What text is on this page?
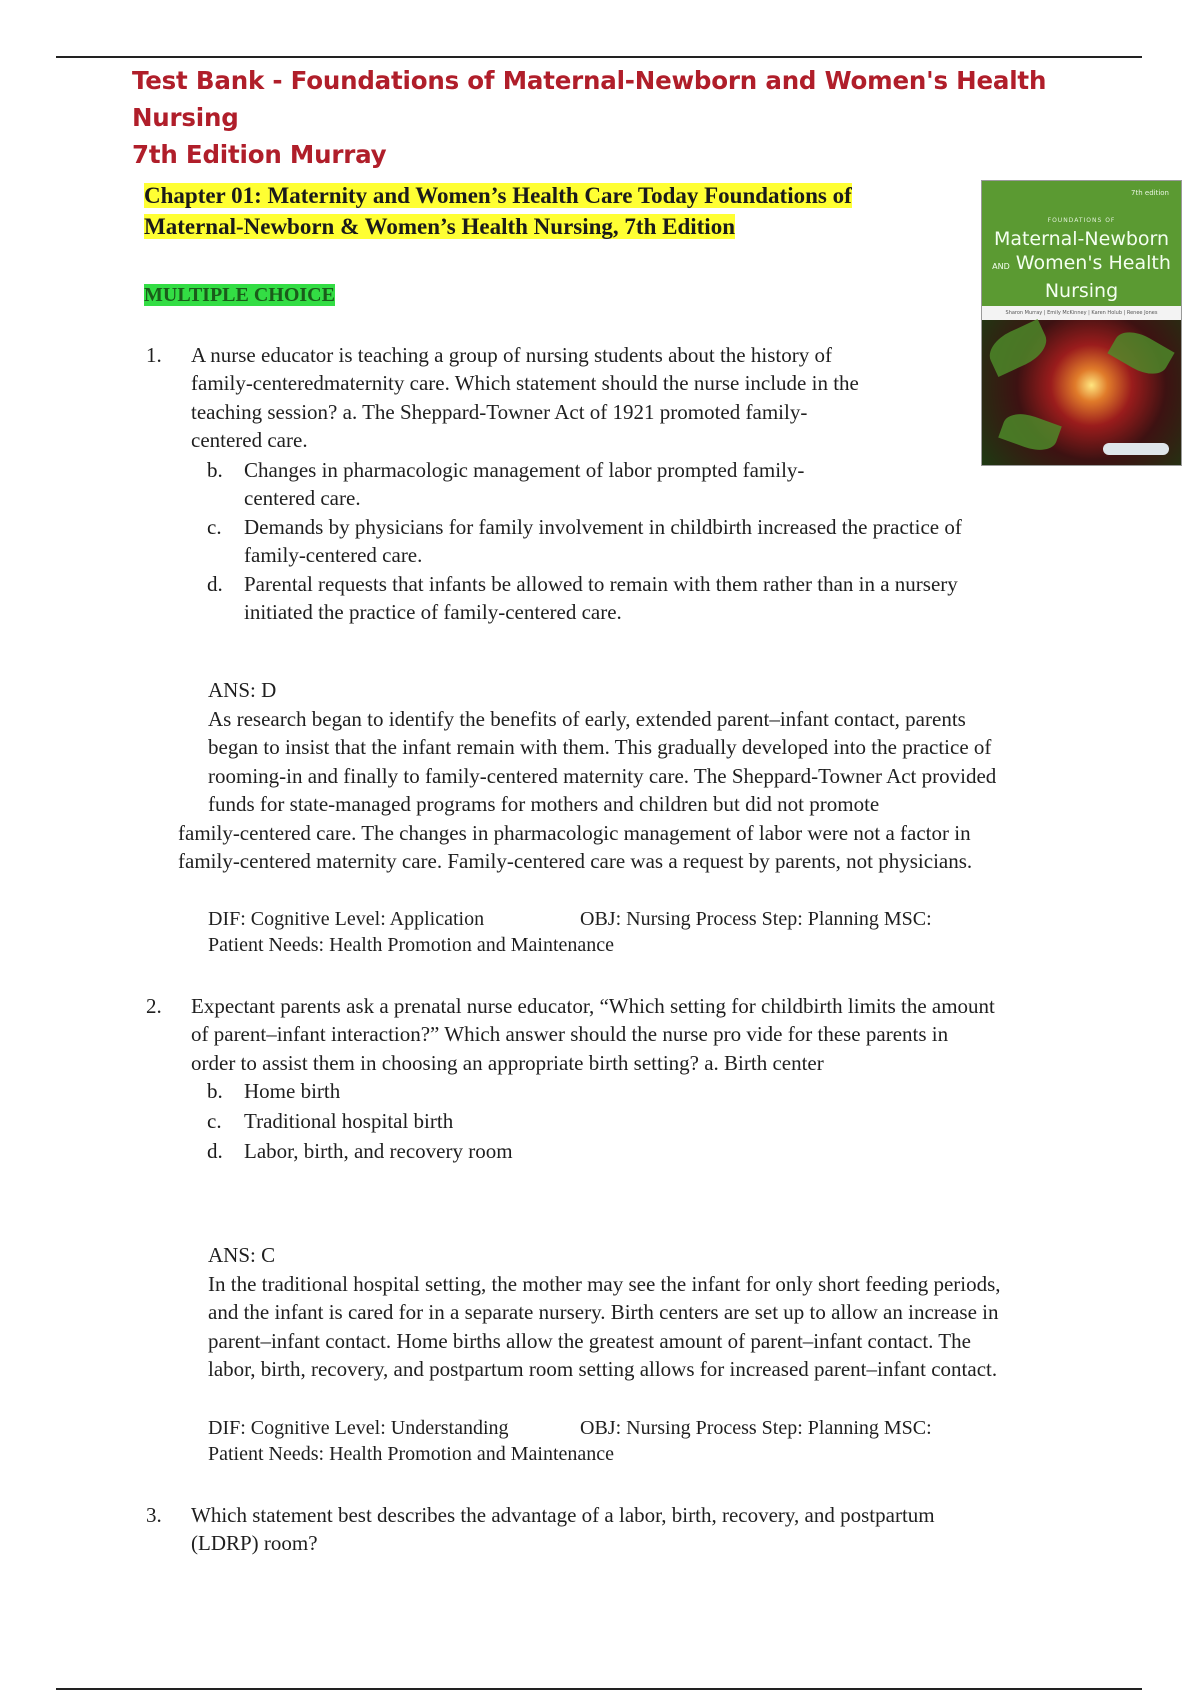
Test Bank - Foundations of Maternal-Newborn and Women's Health Nursing
7th Edition Murray
Chapter 01: Maternity and Women’s Health Care Today Foundations of
Maternal-Newborn & Women’s Health Nursing, 7th Edition
MULTIPLE CHOICE
7th edition
FOUNDATIONS OF
Maternal-Newborn
AND Women's Health
Nursing
Sharon Murray | Emily McKinney | Karen Holub | Renee Jones
1. A nurse educator is teaching a group of nursing students about the history of
family-centeredmaternity care. Which statement should the nurse include in the
teaching session? a. The Sheppard-Towner Act of 1921 promoted family-
centered care.
b. Changes in pharmacologic management of labor prompted family-
centered care.
c. Demands by physicians for family involvement in childbirth increased the practice of
family-centered care.
d. Parental requests that infants be allowed to remain with them rather than in a nursery
initiated the practice of family-centered care.
ANS: D
As research began to identify the benefits of early, extended parent–infant contact, parents
began to insist that the infant remain with them. This gradually developed into the practice of
rooming-in and finally to family-centered maternity care. The Sheppard-Towner Act provided
funds for state-managed programs for mothers and children but did not promote
family-centered care. The changes in pharmacologic management of labor were not a factor in
family-centered maternity care. Family-centered care was a request by parents, not physicians.
DIF: Cognitive Level: Application	OBJ: Nursing Process Step: Planning MSC:
Patient Needs: Health Promotion and Maintenance
2. Expectant parents ask a prenatal nurse educator, “Which setting for childbirth limits the amount
of parent–infant interaction?” Which answer should the nurse pro vide for these parents in
order to assist them in choosing an appropriate birth setting? a. Birth center
b. Home birth
c. Traditional hospital birth
d. Labor, birth, and recovery room
ANS: C
In the traditional hospital setting, the mother may see the infant for only short feeding periods,
and the infant is cared for in a separate nursery. Birth centers are set up to allow an increase in
parent–infant contact. Home births allow the greatest amount of parent–infant contact. The
labor, birth, recovery, and postpartum room setting allows for increased parent–infant contact.
DIF: Cognitive Level: Understanding	OBJ: Nursing Process Step: Planning MSC:
Patient Needs: Health Promotion and Maintenance
3. Which statement best describes the advantage of a labor, birth, recovery, and postpartum
(LDRP) room?
